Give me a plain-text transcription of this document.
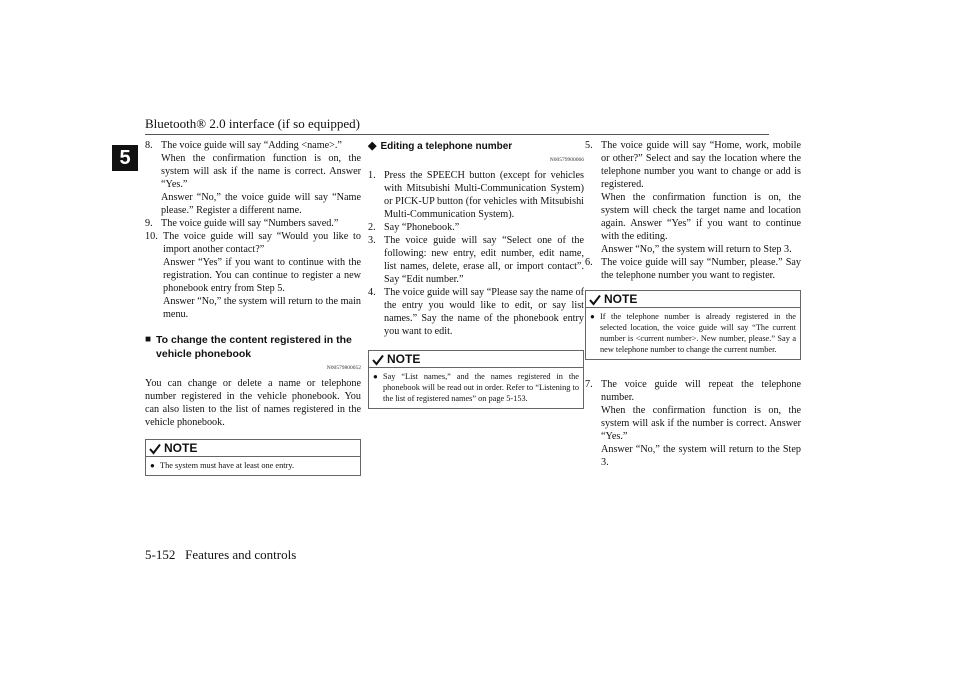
Bluetooth® 2.0 interface (if so equipped)
5
5-152 Features and controls
8. The voice guide will say “Adding <name>.”

When the confirmation function is on, the system will ask if the name is correct. Answer “Yes.”

Answer “No,” the voice guide will say “Name please.” Register a different name.

9. The voice guide will say “Numbers saved.”

10. The voice guide will say “Would you like to import another contact?”

Answer “Yes” if you want to continue with the registration. You can continue to register a new phonebook entry from Step 5.

Answer “No,” the system will return to the main menu.

■ To change the content registered in the vehicle phonebook
N00579800052

You can change or delete a name or telephone number registered in the vehicle phonebook. You can also listen to the list of names registered in the vehicle phonebook.

NOTE
● The system must have at least one entry.
◆ Editing a telephone number
N00579900066
1. Press the SPEECH button (except for vehicles with Mitsubishi Multi-Communication System) or PICK-UP button (for vehicles with Mitsubishi Multi-Communication System).

2. Say “Phonebook.”

3. The voice guide will say “Select one of the following: new entry, edit number, edit name, list names, delete, erase all, or import contact”. Say “Edit number.”

4. The voice guide will say “Please say the name of the entry you would like to edit, or say list names.” Say the name of the phonebook entry you want to edit.

NOTE
● Say “List names,” and the names registered in the phonebook will be read out in order. Refer to “Listening to the list of registered names” on page 5-153.
5. The voice guide will say “Home, work, mobile or other?” Select and say the location where the telephone number you want to change or add is registered.

When the confirmation function is on, the system will check the target name and location again. Answer “Yes” if you want to continue with the editing.

Answer “No,” the system will return to Step 3.

6. The voice guide will say “Number, please.” Say the telephone number you want to register.

NOTE
● If the telephone number is already registered in the selected location, the voice guide will say “The current number is <current number>. New number, please.” Say a new telephone number to change the current number.
7. The voice guide will repeat the telephone number.

When the confirmation function is on, the system will ask if the number is correct. Answer “Yes.”

Answer “No,” the system will return to the Step 3.
